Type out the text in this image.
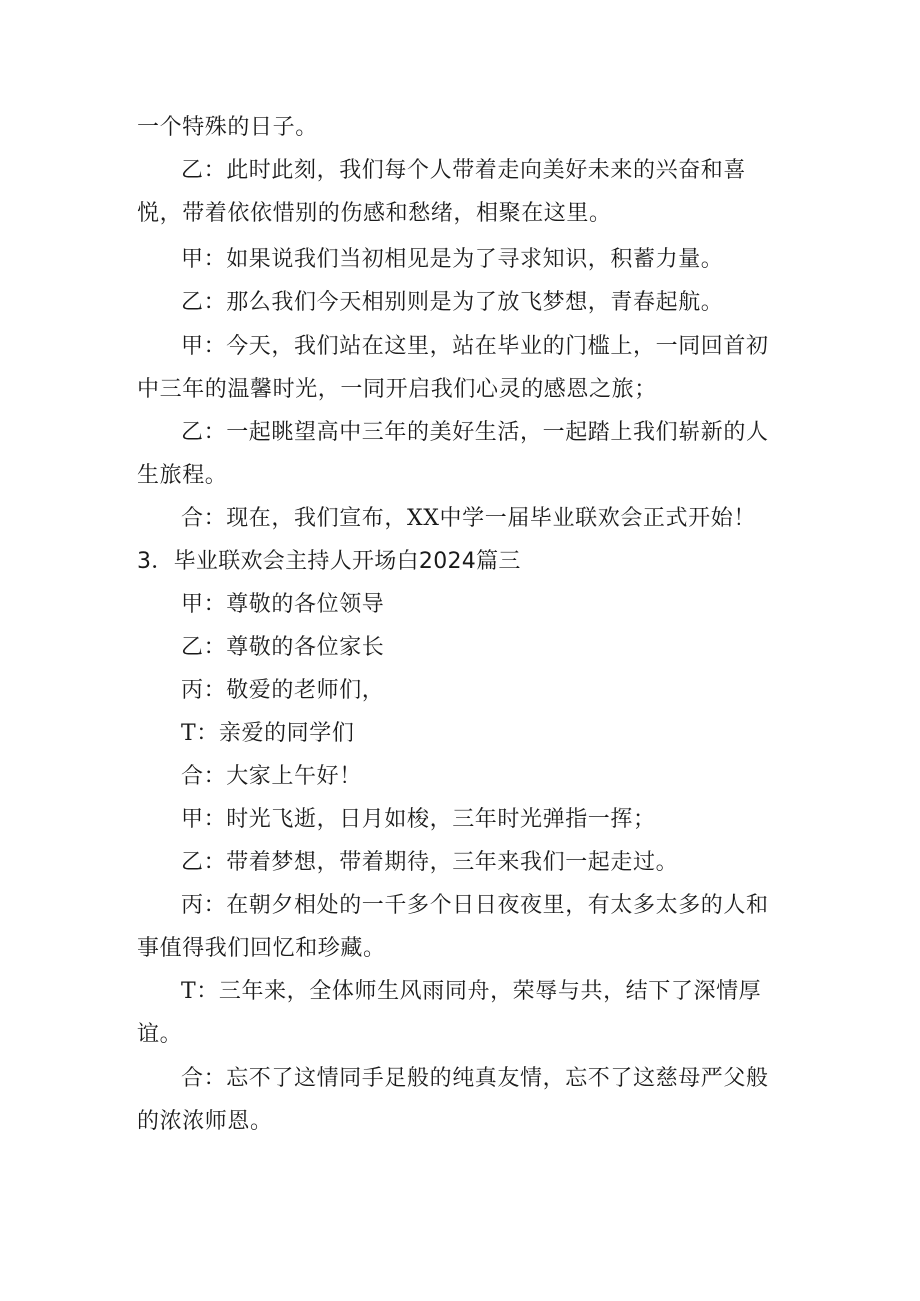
一个特殊的日子。

乙：此时此刻，我们每个人带着走向美好未来的兴奋和喜悦，带着依依惜别的伤感和愁绪，相聚在这里。

甲：如果说我们当初相见是为了寻求知识，积蓄力量。

乙：那么我们今天相别则是为了放飞梦想，青春起航。

甲：今天，我们站在这里，站在毕业的门槛上，一同回首初中三年的温馨时光，一同开启我们心灵的感恩之旅；

乙：一起眺望高中三年的美好生活，一起踏上我们崭新的人生旅程。

合：现在，我们宣布，XX中学一届毕业联欢会正式开始！

3．毕业联欢会主持人开场白2024篇三

甲：尊敬的各位领导

乙：尊敬的各位家长

丙：敬爱的老师们，

T：亲爱的同学们

合：大家上午好！

甲：时光飞逝，日月如梭，三年时光弹指一挥；

乙：带着梦想，带着期待，三年来我们一起走过。

丙：在朝夕相处的一千多个日日夜夜里，有太多太多的人和事值得我们回忆和珍藏。

T：三年来，全体师生风雨同舟，荣辱与共，结下了深情厚谊。

合：忘不了这情同手足般的纯真友情，忘不了这慈母严父般的浓浓师恩。
